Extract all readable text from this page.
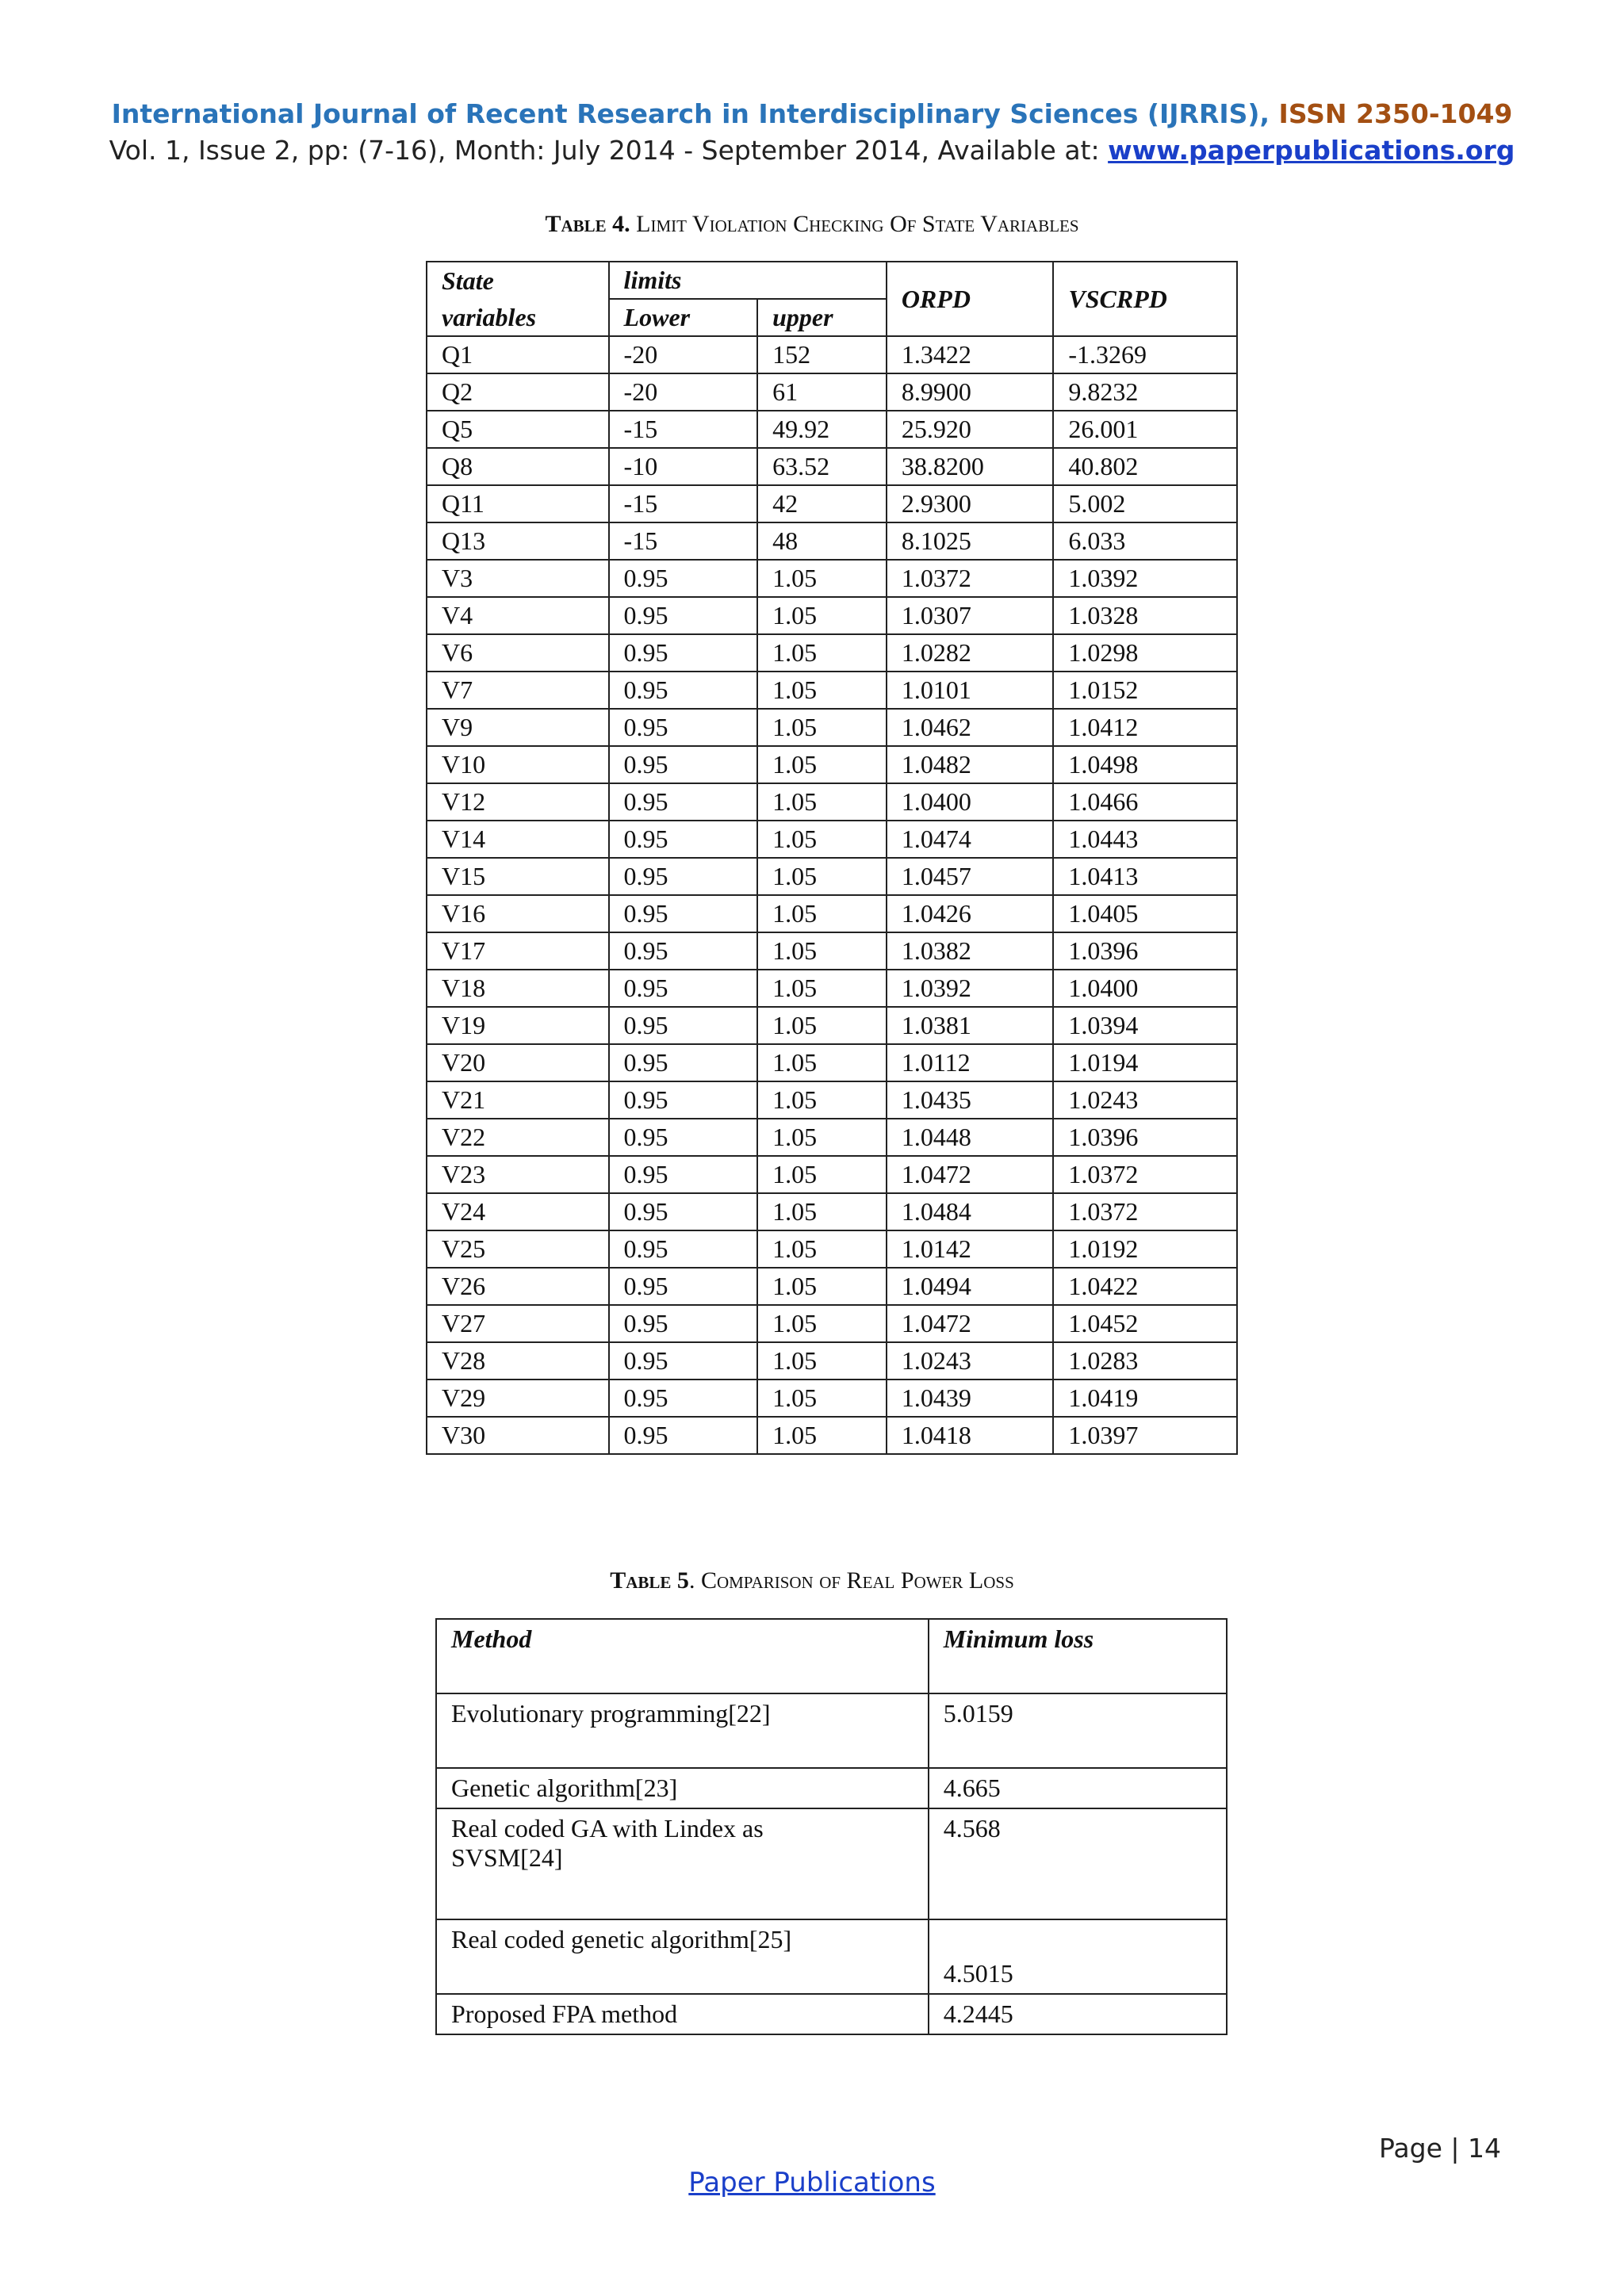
International Journal of Recent Research in Interdisciplinary Sciences (IJRRIS), ISSN 2350-1049
Vol. 1, Issue 2, pp: (7-16), Month: July 2014 - September 2014, Available at: www.paperpublications.org
Table 4. Limit Violation Checking Of State Variables
State	limits		ORPD	VSCRPD
variables	Lower	upper		
Q1	-20	152	1.3422	-1.3269
Q2	-20	61	8.9900	9.8232
Q5	-15	49.92	25.920	26.001
Q8	-10	63.52	38.8200	40.802
Q11	-15	42	2.9300	5.002
Q13	-15	48	8.1025	6.033
V3	0.95	1.05	1.0372	1.0392
V4	0.95	1.05	1.0307	1.0328
V6	0.95	1.05	1.0282	1.0298
V7	0.95	1.05	1.0101	1.0152
V9	0.95	1.05	1.0462	1.0412
V10	0.95	1.05	1.0482	1.0498
V12	0.95	1.05	1.0400	1.0466
V14	0.95	1.05	1.0474	1.0443
V15	0.95	1.05	1.0457	1.0413
V16	0.95	1.05	1.0426	1.0405
V17	0.95	1.05	1.0382	1.0396
V18	0.95	1.05	1.0392	1.0400
V19	0.95	1.05	1.0381	1.0394
V20	0.95	1.05	1.0112	1.0194
V21	0.95	1.05	1.0435	1.0243
V22	0.95	1.05	1.0448	1.0396
V23	0.95	1.05	1.0472	1.0372
V24	0.95	1.05	1.0484	1.0372
V25	0.95	1.05	1.0142	1.0192
V26	0.95	1.05	1.0494	1.0422
V27	0.95	1.05	1.0472	1.0452
V28	0.95	1.05	1.0243	1.0283
V29	0.95	1.05	1.0439	1.0419
V30	0.95	1.05	1.0418	1.0397
Table 5. Comparison of Real Power Loss
Method	Minimum loss

Evolutionary programming[22]	5.0159

Genetic algorithm[23]	4.665

Real coded GA with Lindex as
SVSM[24]	4.568

Real coded genetic algorithm[25]	4.5015

Proposed FPA method	4.2445
Page | 14
Paper Publications
